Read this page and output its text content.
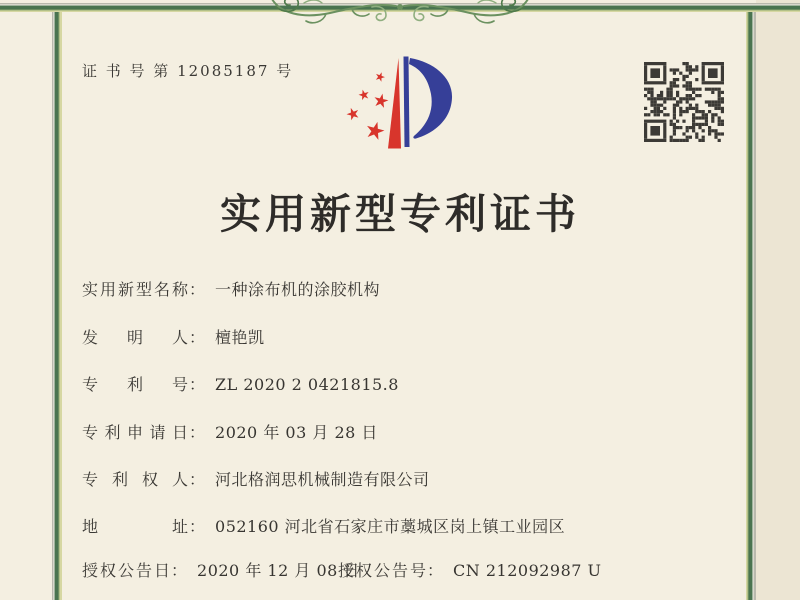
证 书 号 第 12085187 号
实用新型专利证书
实用新型名称： 一种涂布机的涂胶机构
发明人： 檀艳凯
专利号： ZL 2020 2 0421815.8
专利申请日： 2020 年 03 月 28 日
专利权人： 河北格润思机械制造有限公司
地址： 052160 河北省石家庄市藁城区岗上镇工业园区
授权公告日： 2020 年 12 月 08 日
授权公告号： CN 212092987 U
